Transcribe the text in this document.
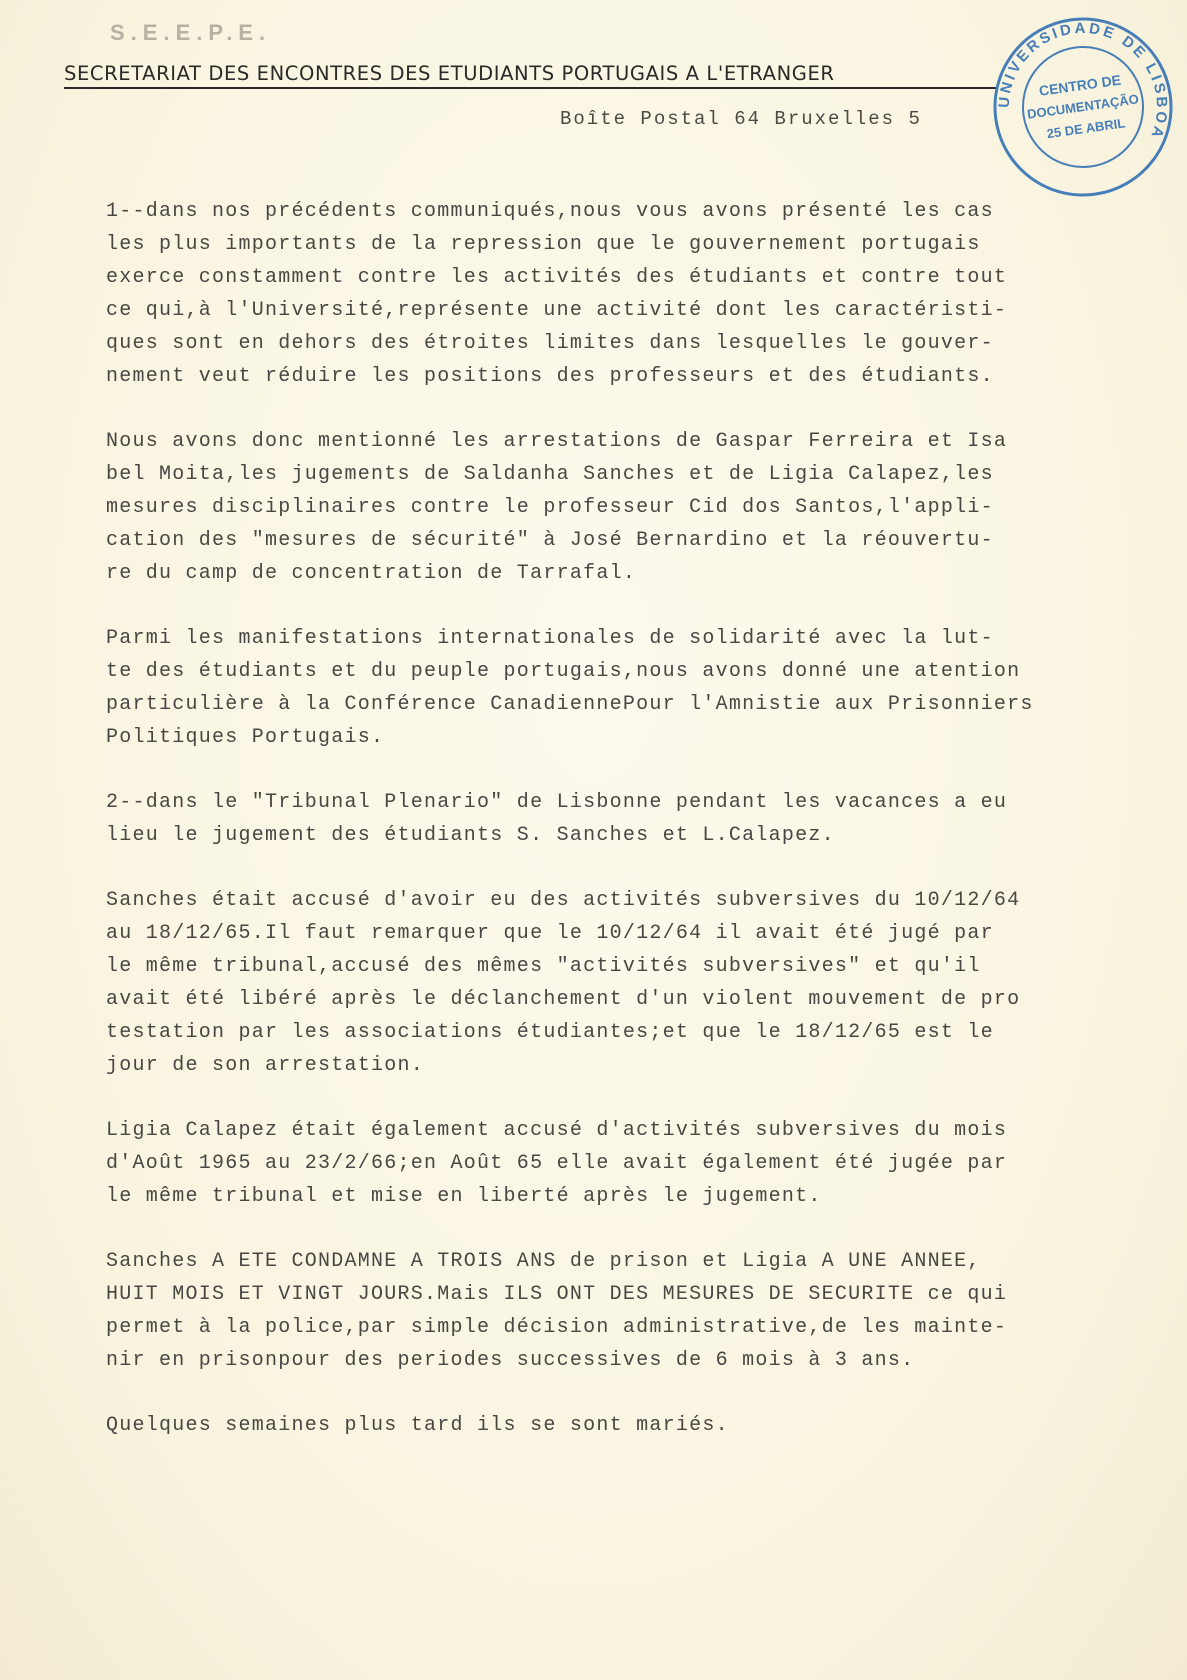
S.E.E.P.E.
SECRETARIAT DES ENCONTRES DES ETUDIANTS PORTUGAIS A L'ETRANGER
Boîte Postal 64 Bruxelles 5
UNIVERSIDADE DE LISBOA
CENTRO DE
DOCUMENTAÇÃO
25 DE ABRIL
1--dans nos précédents communiqués,nous vous avons présenté les cas
les plus importants de la repression que le gouvernement portugais
exerce constamment contre les activités des étudiants et contre tout
ce qui,à l'Université,représente une activité dont les caractéristi-
ques sont en dehors des étroites limites dans lesquelles le gouver-
nement veut réduire les positions des professeurs et des étudiants.
Nous avons donc mentionné les arrestations de Gaspar Ferreira et Isa
bel Moita,les jugements de Saldanha Sanches et de Ligia Calapez,les
mesures disciplinaires contre le professeur Cid dos Santos,l'appli-
cation des "mesures de sécurité" à José Bernardino et la réouvertu-
re du camp de concentration de Tarrafal.
Parmi les manifestations internationales de solidarité avec la lut-
te des étudiants et du peuple portugais,nous avons donné une atention
particulière à la Conférence CanadiennePour l'Amnistie aux Prisonniers
Politiques Portugais.
2--dans le "Tribunal Plenario" de Lisbonne pendant les vacances a eu
lieu le jugement des étudiants S. Sanches et L.Calapez.
Sanches était accusé d'avoir eu des activités subversives du 10/12/64
au 18/12/65.Il faut remarquer que le 10/12/64 il avait été jugé par
le même tribunal,accusé des mêmes "activités subversives" et qu'il
avait été libéré après le déclanchement d'un violent mouvement de pro
testation par les associations étudiantes;et que le 18/12/65 est le
jour de son arrestation.
Ligia Calapez était également accusé d'activités subversives du mois
d'Août 1965 au 23/2/66;en Août 65 elle avait également été jugée par
le même tribunal et mise en liberté après le jugement.
Sanches A ETE CONDAMNE A TROIS ANS de prison et Ligia A UNE ANNEE,
HUIT MOIS ET VINGT JOURS.Mais ILS ONT DES MESURES DE SECURITE ce qui
permet à la police,par simple décision administrative,de les mainte-
nir en prisonpour des periodes successives de 6 mois à 3 ans.
Quelques semaines plus tard ils se sont mariés.
